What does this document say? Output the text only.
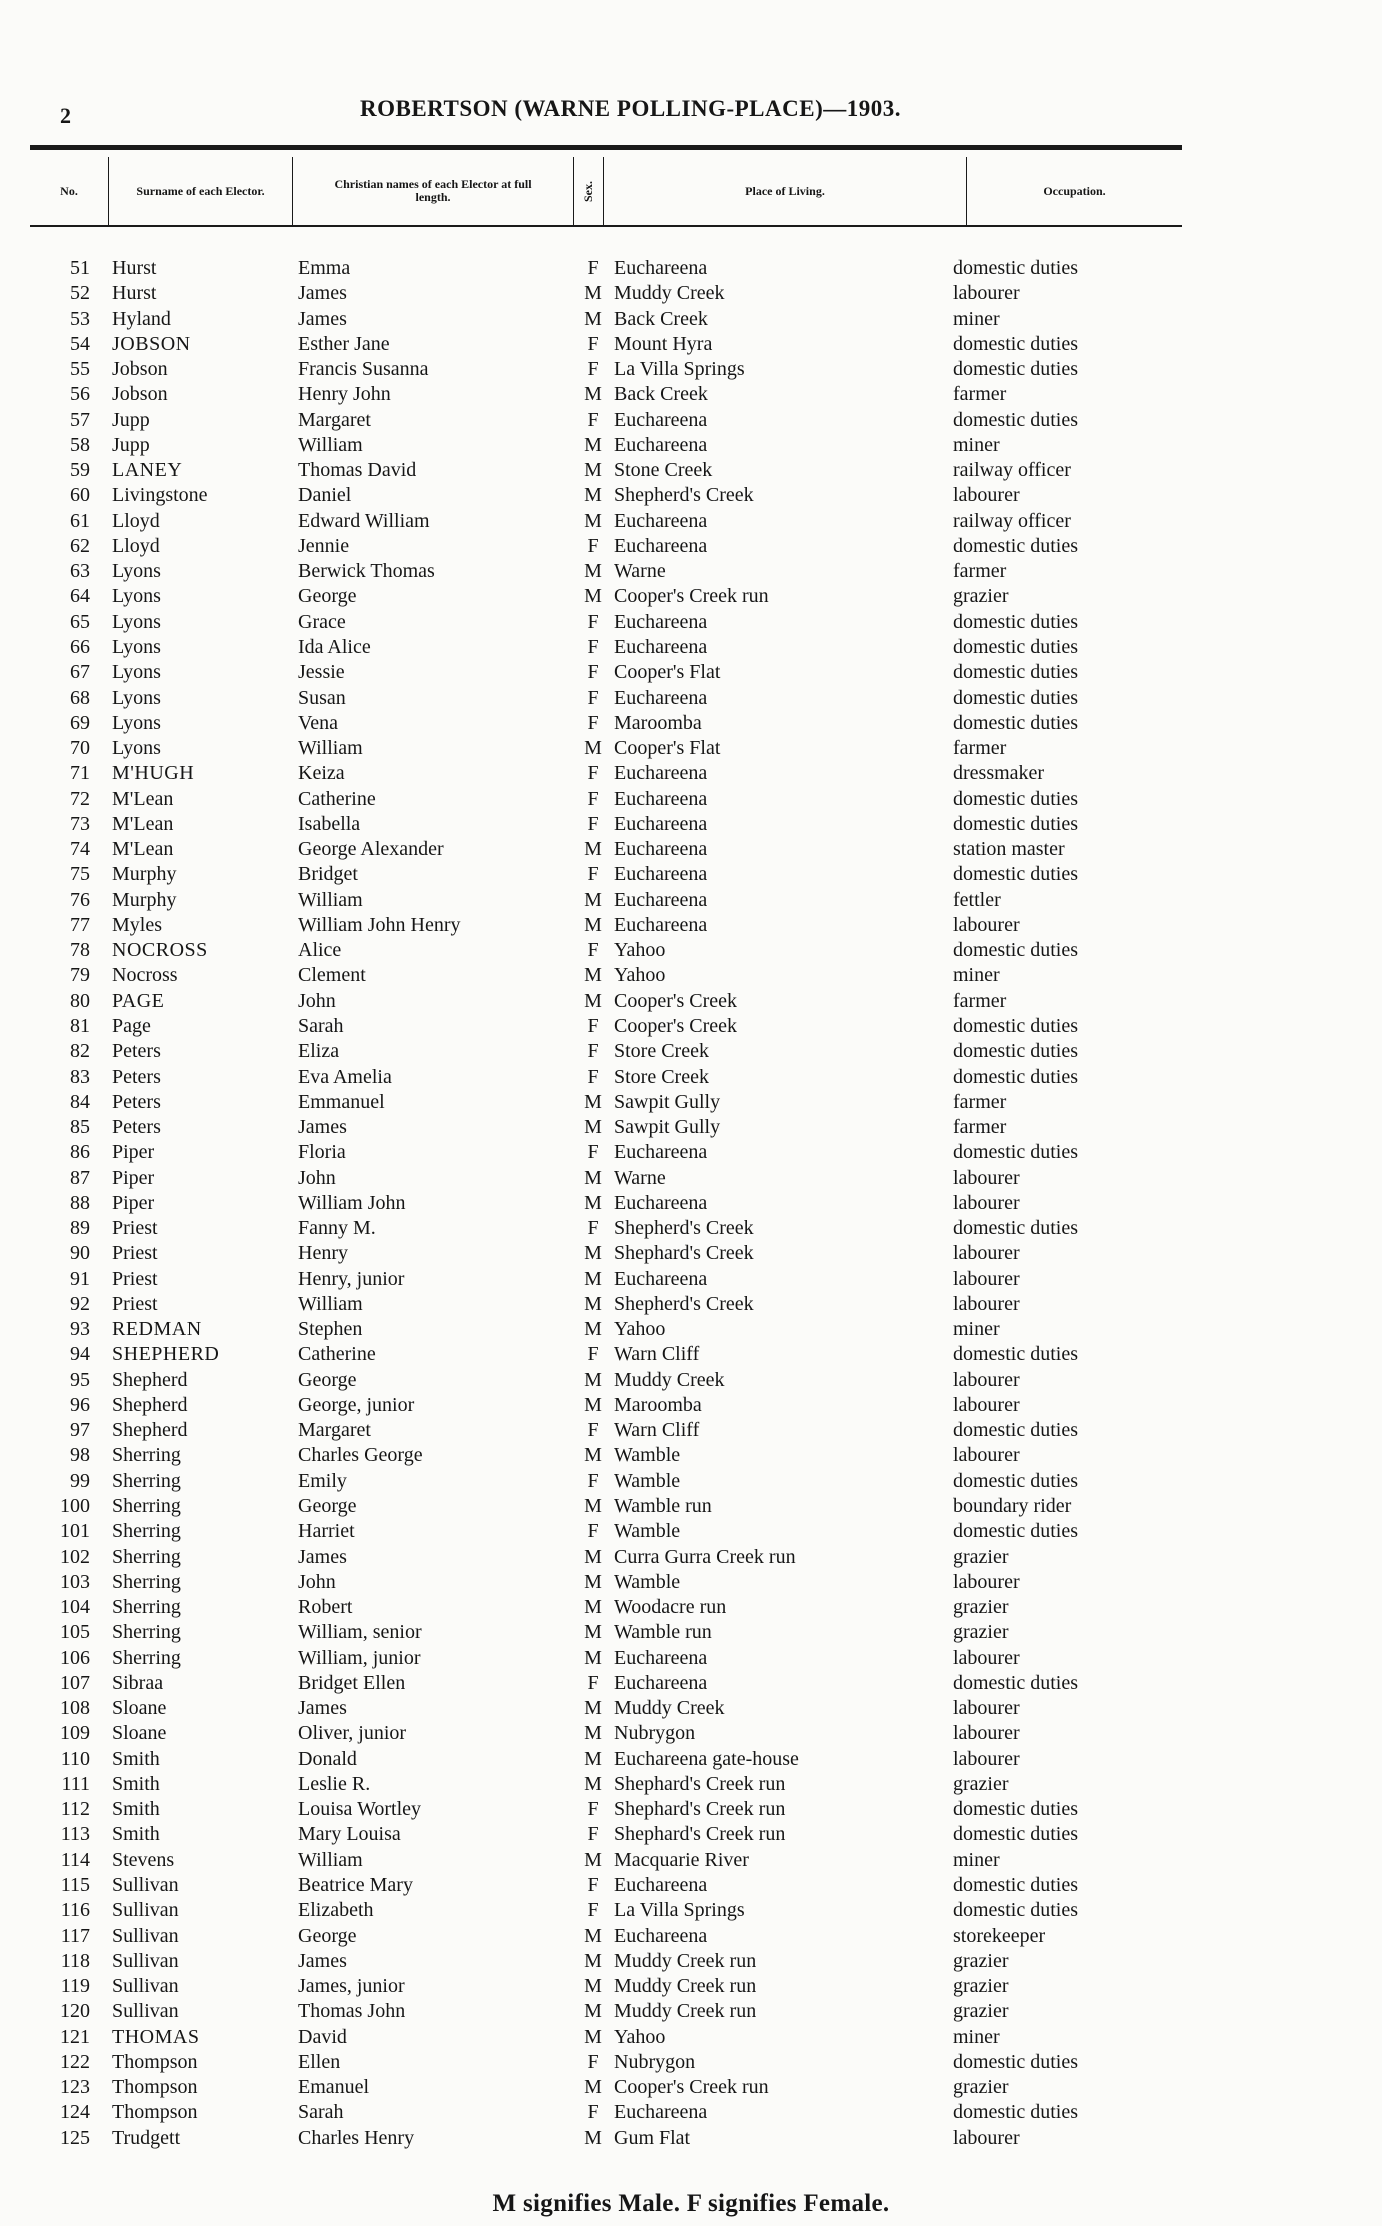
2	ROBERTSON (WARNE POLLING-PLACE)—1903.
No.	Surname of each Elector.	Christian names of each Elector at full length.	Sex.	Place of Living.	Occupation.
51 Hurst	Emma	F Euchareena	domestic duties
52 Hurst	James	M Muddy Creek	labourer
53 Hyland	James	M Back Creek	miner
54 JOBSON	Esther Jane	F Mount Hyra	domestic duties
55 Jobson	Francis Susanna	F La Villa Springs	domestic duties
56 Jobson	Henry John	M Back Creek	farmer
57 Jupp	Margaret	F Euchareena	domestic duties
58 Jupp	William	M Euchareena	miner
59 LANEY	Thomas David	M Stone Creek	railway officer
60 Livingstone	Daniel	M Shepherd's Creek	labourer
61 Lloyd	Edward William	M Euchareena	railway officer
62 Lloyd	Jennie	F Euchareena	domestic duties
63 Lyons	Berwick Thomas	M Warne	farmer
64 Lyons	George	M Cooper's Creek run	grazier
65 Lyons	Grace	F Euchareena	domestic duties
66 Lyons	Ida Alice	F Euchareena	domestic duties
67 Lyons	Jessie	F Cooper's Flat	domestic duties
68 Lyons	Susan	F Euchareena	domestic duties
69 Lyons	Vena	F Maroomba	domestic duties
70 Lyons	William	M Cooper's Flat	farmer
71 M'HUGH	Keiza	F Euchareena	dressmaker
72 M'Lean	Catherine	F Euchareena	domestic duties
73 M'Lean	Isabella	F Euchareena	domestic duties
74 M'Lean	George Alexander	M Euchareena	station master
75 Murphy	Bridget	F Euchareena	domestic duties
76 Murphy	William	M Euchareena	fettler
77 Myles	William John Henry	M Euchareena	labourer
78 NOCROSS	Alice	F Yahoo	domestic duties
79 Nocross	Clement	M Yahoo	miner
80 PAGE	John	M Cooper's Creek	farmer
81 Page	Sarah	F Cooper's Creek	domestic duties
82 Peters	Eliza	F Store Creek	domestic duties
83 Peters	Eva Amelia	F Store Creek	domestic duties
84 Peters	Emmanuel	M Sawpit Gully	farmer
85 Peters	James	M Sawpit Gully	farmer
86 Piper	Floria	F Euchareena	domestic duties
87 Piper	John	M Warne	labourer
88 Piper	William John	M Euchareena	labourer
89 Priest	Fanny M.	F Shepherd's Creek	domestic duties
90 Priest	Henry	M Shephard's Creek	labourer
91 Priest	Henry, junior	M Euchareena	labourer
92 Priest	William	M Shepherd's Creek	labourer
93 REDMAN	Stephen	M Yahoo	miner
94 SHEPHERD	Catherine	F Warn Cliff	domestic duties
95 Shepherd	George	M Muddy Creek	labourer
96 Shepherd	George, junior	M Maroomba	labourer
97 Shepherd	Margaret	F Warn Cliff	domestic duties
98 Sherring	Charles George	M Wamble	labourer
99 Sherring	Emily	F Wamble	domestic duties
100 Sherring	George	M Wamble run	boundary rider
101 Sherring	Harriet	F Wamble	domestic duties
102 Sherring	James	M Curra Gurra Creek run	grazier
103 Sherring	John	M Wamble	labourer
104 Sherring	Robert	M Woodacre run	grazier
105 Sherring	William, senior	M Wamble run	grazier
106 Sherring	William, junior	M Euchareena	labourer
107 Sibraa	Bridget Ellen	F Euchareena	domestic duties
108 Sloane	James	M Muddy Creek	labourer
109 Sloane	Oliver, junior	M Nubrygon	labourer
110 Smith	Donald	M Euchareena gate-house	labourer
111 Smith	Leslie R.	M Shephard's Creek run	grazier
112 Smith	Louisa Wortley	F Shephard's Creek run	domestic duties
113 Smith	Mary Louisa	F Shephard's Creek run	domestic duties
114 Stevens	William	M Macquarie River	miner
115 Sullivan	Beatrice Mary	F Euchareena	domestic duties
116 Sullivan	Elizabeth	F La Villa Springs	domestic duties
117 Sullivan	George	M Euchareena	storekeeper
118 Sullivan	James	M Muddy Creek run	grazier
119 Sullivan	James, junior	M Muddy Creek run	grazier
120 Sullivan	Thomas John	M Muddy Creek run	grazier
121 THOMAS	David	M Yahoo	miner
122 Thompson	Ellen	F Nubrygon	domestic duties
123 Thompson	Emanuel	M Cooper's Creek run	grazier
124 Thompson	Sarah	F Euchareena	domestic duties
125 Trudgett	Charles Henry	M Gum Flat	labourer
M signifies Male. F signifies Female.
